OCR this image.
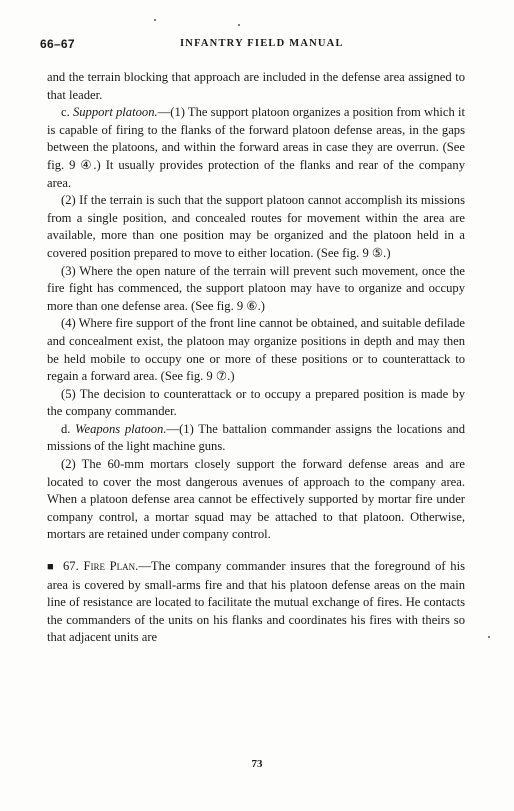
66–67	INFANTRY FIELD MANUAL

and the terrain blocking that approach are included in the defense area assigned to that leader.

c. Support platoon.—(1) The support platoon organizes a position from which it is capable of firing to the flanks of the forward platoon defense areas, in the gaps between the platoons, and within the forward areas in case they are overrun. (See fig. 9 ④.) It usually provides protection of the flanks and rear of the company area.

(2) If the terrain is such that the support platoon cannot accomplish its missions from a single position, and concealed routes for movement within the area are available, more than one position may be organized and the platoon held in a covered position prepared to move to either location. (See fig. 9 ⑤.)

(3) Where the open nature of the terrain will prevent such movement, once the fire fight has commenced, the support platoon may have to organize and occupy more than one defense area. (See fig. 9 ⑥.)

(4) Where fire support of the front line cannot be obtained, and suitable defilade and concealment exist, the platoon may organize positions in depth and may then be held mobile to occupy one or more of these positions or to counterattack to regain a forward area. (See fig. 9 ⑦.)

(5) The decision to counterattack or to occupy a prepared position is made by the company commander.

d. Weapons platoon.—(1) The battalion commander assigns the locations and missions of the light machine guns.

(2) The 60-mm mortars closely support the forward defense areas and are located to cover the most dangerous avenues of approach to the company area. When a platoon defense area cannot be effectively supported by mortar fire under company control, a mortar squad may be attached to that platoon. Otherwise, mortars are retained under company control.

■ 67. Fire Plan.—The company commander insures that the foreground of his area is covered by small-arms fire and that his platoon defense areas on the main line of resistance are located to facilitate the mutual exchange of fires. He contacts the commanders of the units on his flanks and coordinates his fires with theirs so that adjacent units are

73
